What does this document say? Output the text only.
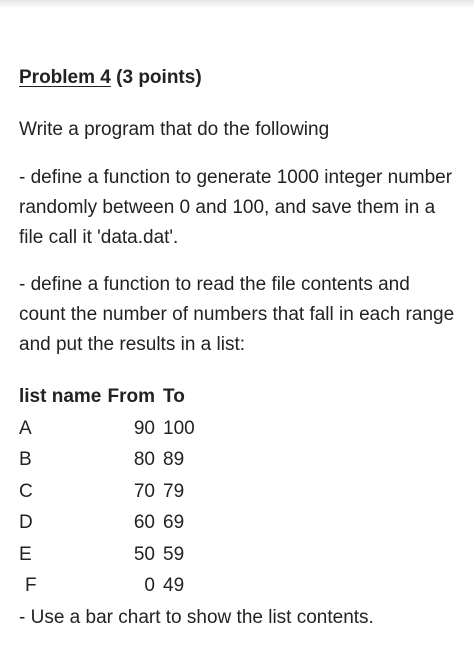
Problem 4 (3 points)

Write a program that do the following

- define a function to generate 1000 integer number randomly between 0 and 100, and save them in a file call it 'data.dat'.

- define a function to read the file contents and count the number of numbers that fall in each range and put the results in a list:

list name	From	To
A	90	100
B	80	89
C	70	79
D	60	69
E	50	59
F	0	49

- Use a bar chart to show the list contents.
